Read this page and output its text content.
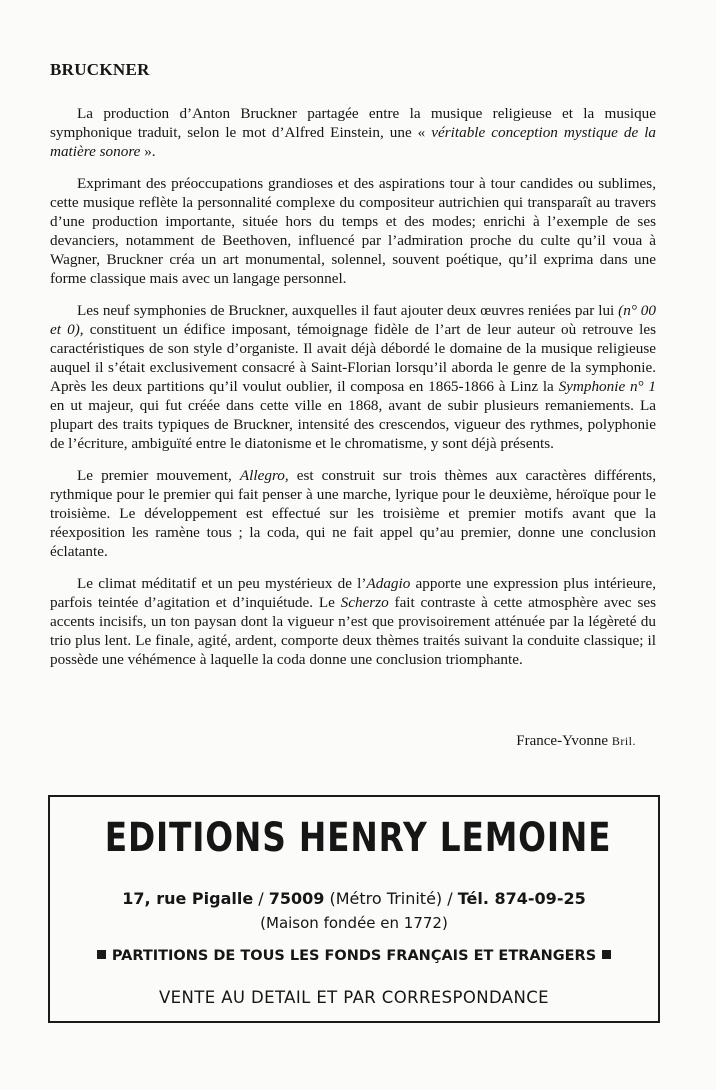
BRUCKNER

La production d’Anton Bruckner partagée entre la musique religieuse et la musique symphonique traduit, selon le mot d’Alfred Einstein, une « véritable conception mystique de la matière sonore ».

Exprimant des préoccupations grandioses et des aspirations tour à tour candides ou sublimes, cette musique reflète la personnalité complexe du compositeur autrichien qui transparaît au travers d’une production importante, située hors du temps et des modes; enrichi à l’exemple de ses devanciers, notamment de Beethoven, influencé par l’admiration proche du culte qu’il voua à Wagner, Bruckner créa un art monumental, solennel, souvent poétique, qu’il exprima dans une forme classique mais avec un langage personnel.

Les neuf symphonies de Bruckner, auxquelles il faut ajouter deux œuvres reniées par lui (n° 00 et 0), constituent un édifice imposant, témoignage fidèle de l’art de leur auteur où retrouve les caractéristiques de son style d’organiste. Il avait déjà débordé le domaine de la musique religieuse auquel il s’était exclusivement consacré à Saint-Florian lorsqu’il aborda le genre de la symphonie. Après les deux partitions qu’il voulut oublier, il composa en 1865-1866 à Linz la Symphonie n° 1 en ut majeur, qui fut créée dans cette ville en 1868, avant de subir plusieurs remaniements. La plupart des traits typiques de Bruckner, intensité des crescendos, vigueur des rythmes, polyphonie de l’écriture, ambiguïté entre le diatonisme et le chromatisme, y sont déjà présents.

Le premier mouvement, Allegro, est construit sur trois thèmes aux caractères différents, rythmique pour le premier qui fait penser à une marche, lyrique pour le deuxième, héroïque pour le troisième. Le développement est effectué sur les troisième et premier motifs avant que la réexposition les ramène tous ; la coda, qui ne fait appel qu’au premier, donne une conclusion éclatante.

Le climat méditatif et un peu mystérieux de l’Adagio apporte une expression plus intérieure, parfois teintée d’agitation et d’inquiétude. Le Scherzo fait contraste à cette atmosphère avec ses accents incisifs, un ton paysan dont la vigueur n’est que provisoirement atténuée par la légèreté du trio plus lent. Le finale, agité, ardent, comporte deux thèmes traités suivant la conduite classique; il possède une véhémence à laquelle la coda donne une conclusion triomphante.

France-Yvonne Bril.
EDITIONS HENRY LEMOINE
17, rue Pigalle / 75009 (Métro Trinité) / Tél. 874-09-25
(Maison fondée en 1772)
PARTITIONS DE TOUS LES FONDS FRANÇAIS ET ETRANGERS
VENTE AU DETAIL ET PAR CORRESPONDANCE
